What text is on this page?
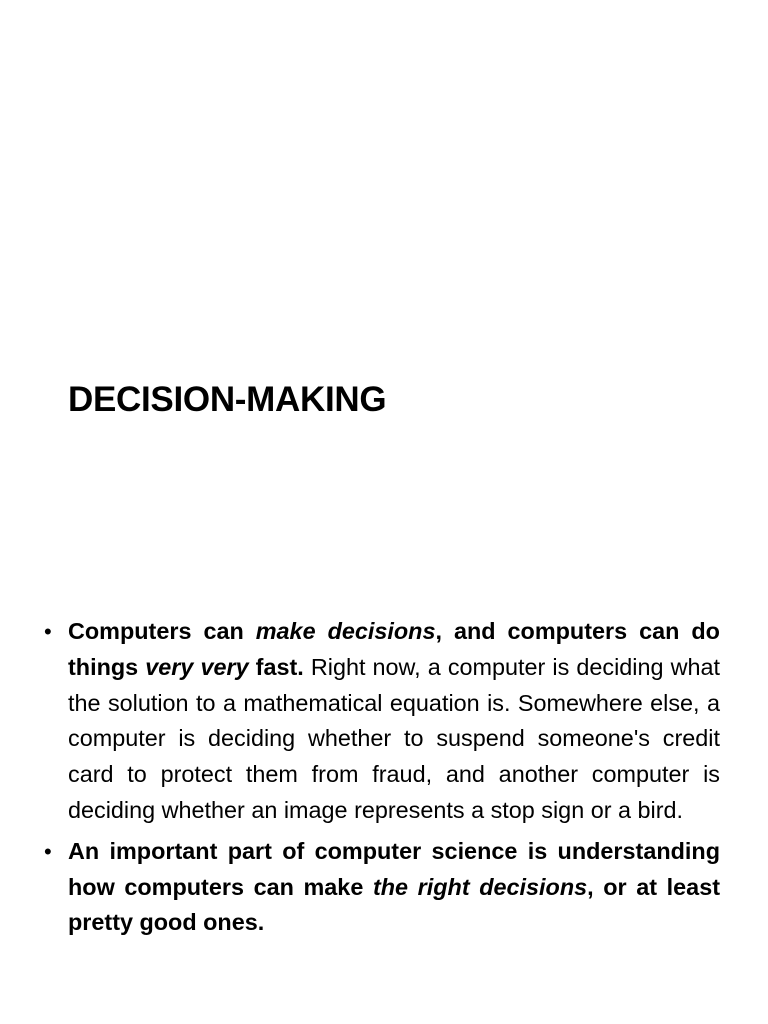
DECISION-MAKING
• Computers can make decisions, and computers can do things very very fast. Right now, a computer is deciding what the solution to a mathematical equation is. Somewhere else, a computer is deciding whether to suspend someone's credit card to protect them from fraud, and another computer is deciding whether an image represents a stop sign or a bird.
• An important part of computer science is understanding how computers can make the right decisions, or at least pretty good ones.
